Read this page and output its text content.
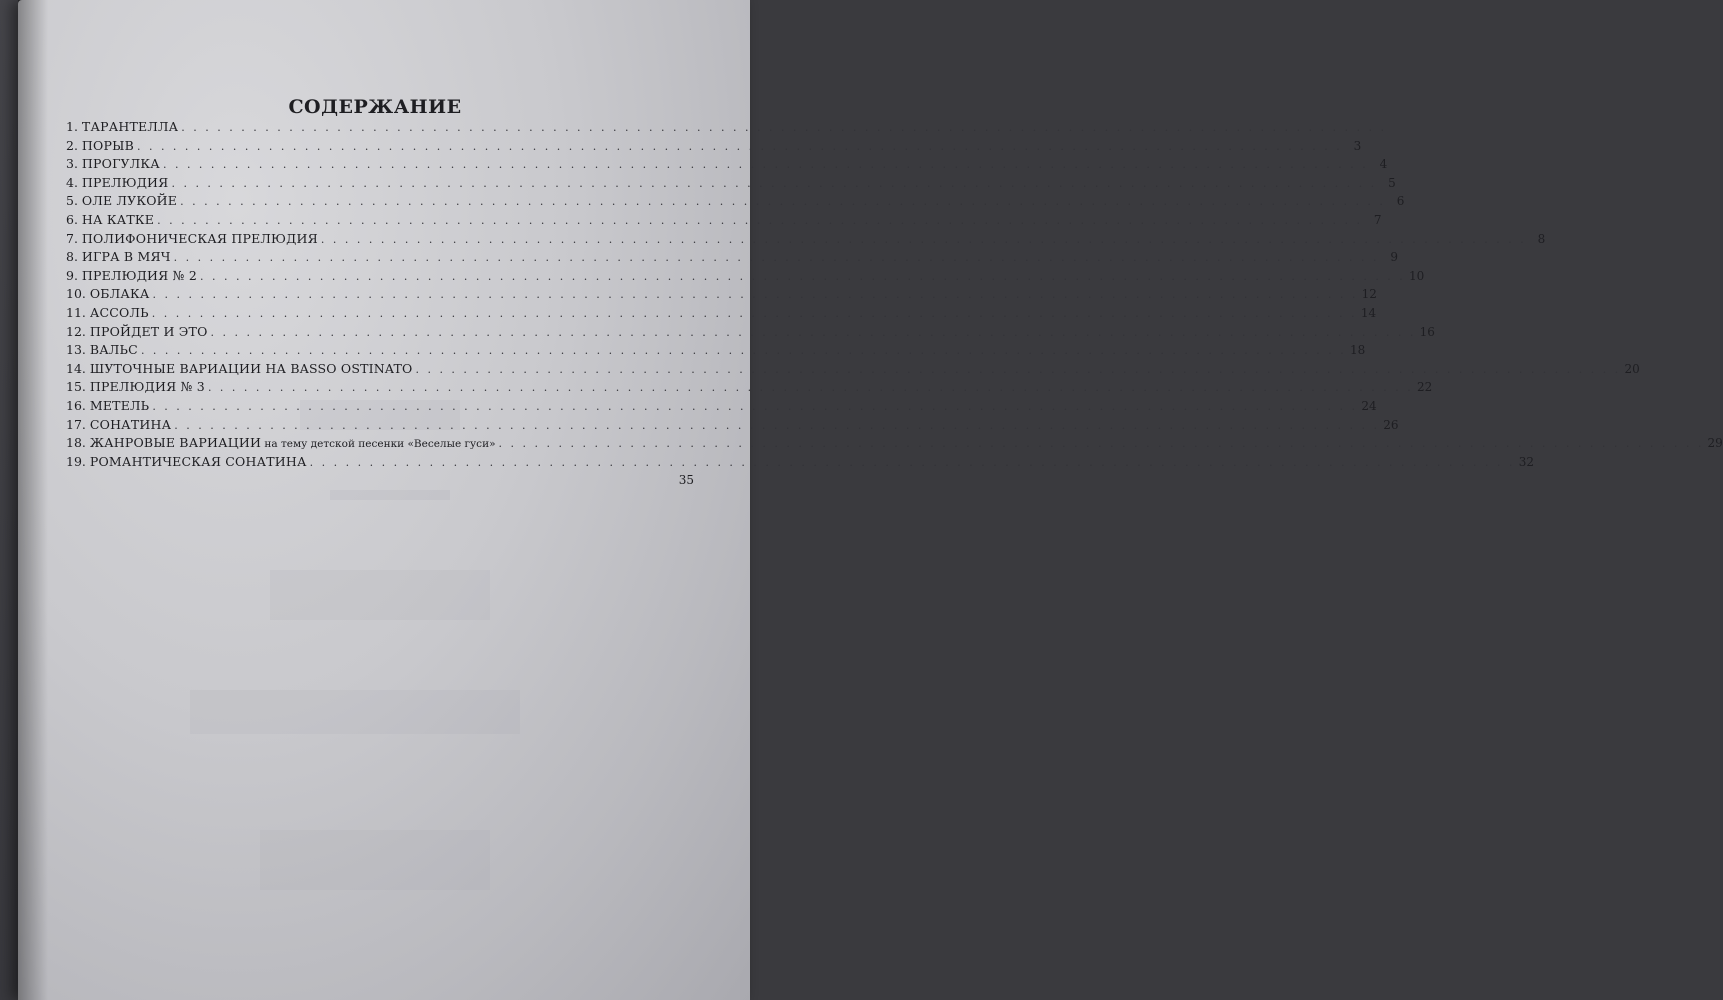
СОДЕРЖАНИЕ
1. ТАРАНТЕЛЛА . . . . . . . . . . . . . . . . . . . . . . . . . . . . . . . . . . . . . . . . . . . . . . . . . . . . . . . . . . . . . . . . . . . . . . . . . . . . . . . . . . . . . . . . . . . . . . . . . . . . .
2. ПОРЫВ . . . . . . . . . . . . . . . . . . . . . . . . . . . . . . . . . . . . . . . . . . . . . . . . . . . . . . . . . . . . . . . . . . . . . . . . . . . . . . . . . . . . . . . . . . . . . . . . . . . . . 3
3. ПРОГУЛКА . . . . . . . . . . . . . . . . . . . . . . . . . . . . . . . . . . . . . . . . . . . . . . . . . . . . . . . . . . . . . . . . . . . . . . . . . . . . . . . . . . . . . . . . . . . . . . . . . . . . . 4
4. ПРЕЛЮДИЯ . . . . . . . . . . . . . . . . . . . . . . . . . . . . . . . . . . . . . . . . . . . . . . . . . . . . . . . . . . . . . . . . . . . . . . . . . . . . . . . . . . . . . . . . . . . . . . . . . . . . . 5
5. ОЛЕ ЛУКОЙЕ . . . . . . . . . . . . . . . . . . . . . . . . . . . . . . . . . . . . . . . . . . . . . . . . . . . . . . . . . . . . . . . . . . . . . . . . . . . . . . . . . . . . . . . . . . . . . . . . . . . . . 6
6. НА КАТКЕ . . . . . . . . . . . . . . . . . . . . . . . . . . . . . . . . . . . . . . . . . . . . . . . . . . . . . . . . . . . . . . . . . . . . . . . . . . . . . . . . . . . . . . . . . . . . . . . . . . . . . 7
7. ПОЛИФОНИЧЕСКАЯ ПРЕЛЮДИЯ . . . . . . . . . . . . . . . . . . . . . . . . . . . . . . . . . . . . . . . . . . . . . . . . . . . . . . . . . . . . . . . . . . . . . . . . . . . . . . . . . . . . . . . . . . . . . . . . . . . . . 8
8. ИГРА В МЯЧ . . . . . . . . . . . . . . . . . . . . . . . . . . . . . . . . . . . . . . . . . . . . . . . . . . . . . . . . . . . . . . . . . . . . . . . . . . . . . . . . . . . . . . . . . . . . . . . . . . . . . 9
9. ПРЕЛЮДИЯ № 2 . . . . . . . . . . . . . . . . . . . . . . . . . . . . . . . . . . . . . . . . . . . . . . . . . . . . . . . . . . . . . . . . . . . . . . . . . . . . . . . . . . . . . . . . . . . . . . . . . . . . . 10
10. ОБЛАКА . . . . . . . . . . . . . . . . . . . . . . . . . . . . . . . . . . . . . . . . . . . . . . . . . . . . . . . . . . . . . . . . . . . . . . . . . . . . . . . . . . . . . . . . . . . . . . . . . . . . . 12
11. АССОЛЬ . . . . . . . . . . . . . . . . . . . . . . . . . . . . . . . . . . . . . . . . . . . . . . . . . . . . . . . . . . . . . . . . . . . . . . . . . . . . . . . . . . . . . . . . . . . . . . . . . . . . . 14
12. ПРОЙДЕТ И ЭТО . . . . . . . . . . . . . . . . . . . . . . . . . . . . . . . . . . . . . . . . . . . . . . . . . . . . . . . . . . . . . . . . . . . . . . . . . . . . . . . . . . . . . . . . . . . . . . . . . . . . . 16
13. ВАЛЬС . . . . . . . . . . . . . . . . . . . . . . . . . . . . . . . . . . . . . . . . . . . . . . . . . . . . . . . . . . . . . . . . . . . . . . . . . . . . . . . . . . . . . . . . . . . . . . . . . . . . . 18
14. ШУТОЧНЫЕ ВАРИАЦИИ НА BASSO OSTINATO . . . . . . . . . . . . . . . . . . . . . . . . . . . . . . . . . . . . . . . . . . . . . . . . . . . . . . . . . . . . . . . . . . . . . . . . . . . . . . . . . . . . . . . . . . . . . . . . . . . . . 20
15. ПРЕЛЮДИЯ № 3 . . . . . . . . . . . . . . . . . . . . . . . . . . . . . . . . . . . . . . . . . . . . . . . . . . . . . . . . . . . . . . . . . . . . . . . . . . . . . . . . . . . . . . . . . . . . . . . . . . . . . 22
16. МЕТЕЛЬ . . . . . . . . . . . . . . . . . . . . . . . . . . . . . . . . . . . . . . . . . . . . . . . . . . . . . . . . . . . . . . . . . . . . . . . . . . . . . . . . . . . . . . . . . . . . . . . . . . . . . 24
17. СОНАТИНА . . . . . . . . . . . . . . . . . . . . . . . . . . . . . . . . . . . . . . . . . . . . . . . . . . . . . . . . . . . . . . . . . . . . . . . . . . . . . . . . . . . . . . . . . . . . . . . . . . . . . 26
18. ЖАНРОВЫЕ ВАРИАЦИИ на тему детской песенки «Веселые гуси» . . . . . . . . . . . . . . . . . . . . . . . . . . . . . . . . . . . . . . . . . . . . . . . . . . . . . . . . . . . . . . . . . . . . . . . . . . . . . . . . . . . . . . . . . . . . . . . . . . . . . 29
19. РОМАНТИЧЕСКАЯ СОНАТИНА . . . . . . . . . . . . . . . . . . . . . . . . . . . . . . . . . . . . . . . . . . . . . . . . . . . . . . . . . . . . . . . . . . . . . . . . . . . . . . . . . . . . . . . . . . . . . . . . . . . . . 32
35
